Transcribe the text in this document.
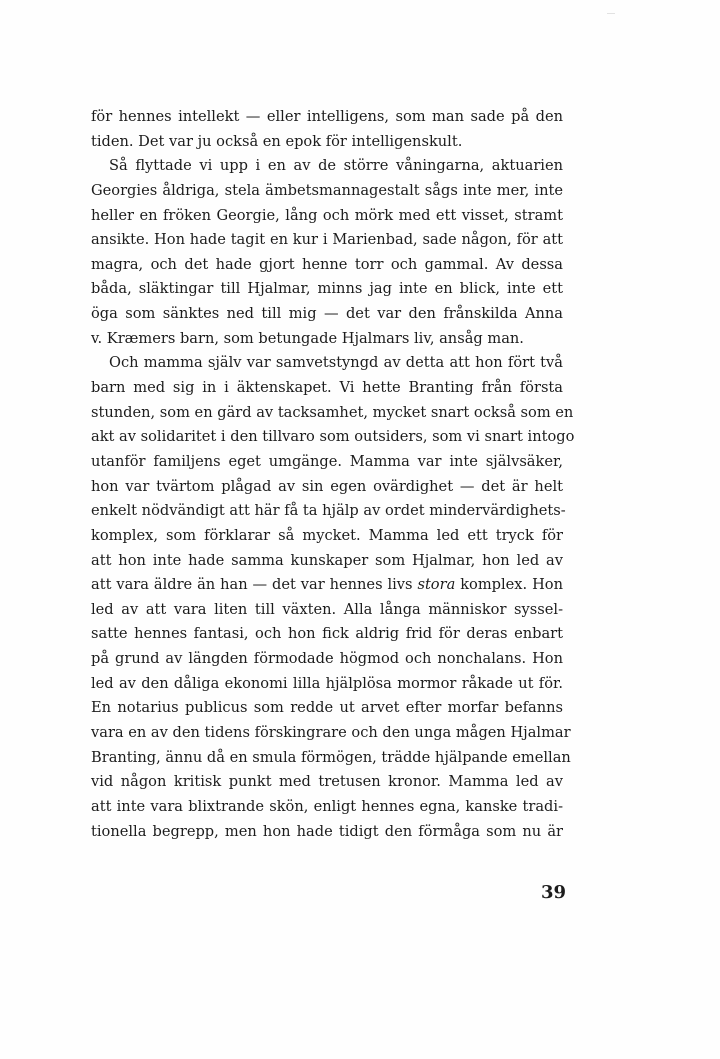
för hennes intellekt — eller intelligens, som man sade på den
tiden. Det var ju också en epok för intelligenskult.
Så flyttade vi upp i en av de större våningarna, aktuarien
Georgies åldriga, stela ämbetsmannagestalt sågs inte mer, inte
heller en fröken Georgie, lång och mörk med ett visset, stramt
ansikte. Hon hade tagit en kur i Marienbad, sade någon, för att
magra, och det hade gjort henne torr och gammal. Av dessa
båda, släktingar till Hjalmar, minns jag inte en blick, inte ett
öga som sänktes ned till mig — det var den frånskilda Anna
v. Kræmers barn, som betungade Hjalmars liv, ansåg man.
Och mamma själv var samvetstyngd av detta att hon fört två
barn med sig in i äktenskapet. Vi hette Branting från första
stunden, som en gärd av tacksamhet, mycket snart också som en
akt av solidaritet i den tillvaro som outsiders, som vi snart intogo
utanför familjens eget umgänge. Mamma var inte självsäker,
hon var tvärtom plågad av sin egen ovärdighet — det är helt
enkelt nödvändigt att här få ta hjälp av ordet mindervärdighets-
komplex, som förklarar så mycket. Mamma led ett tryck för
att hon inte hade samma kunskaper som Hjalmar, hon led av
att vara äldre än han — det var hennes livs stora komplex. Hon
led av att vara liten till växten. Alla långa människor syssel-
satte hennes fantasi, och hon fick aldrig frid för deras enbart
på grund av längden förmodade högmod och nonchalans. Hon
led av den dåliga ekonomi lilla hjälplösa mormor råkade ut för.
En notarius publicus som redde ut arvet efter morfar befanns
vara en av den tidens förskingrare och den unga mågen Hjalmar
Branting, ännu då en smula förmögen, trädde hjälpande emellan
vid någon kritisk punkt med tretusen kronor. Mamma led av
att inte vara blixtrande skön, enligt hennes egna, kanske tradi-
tionella begrepp, men hon hade tidigt den förmåga som nu är
39
